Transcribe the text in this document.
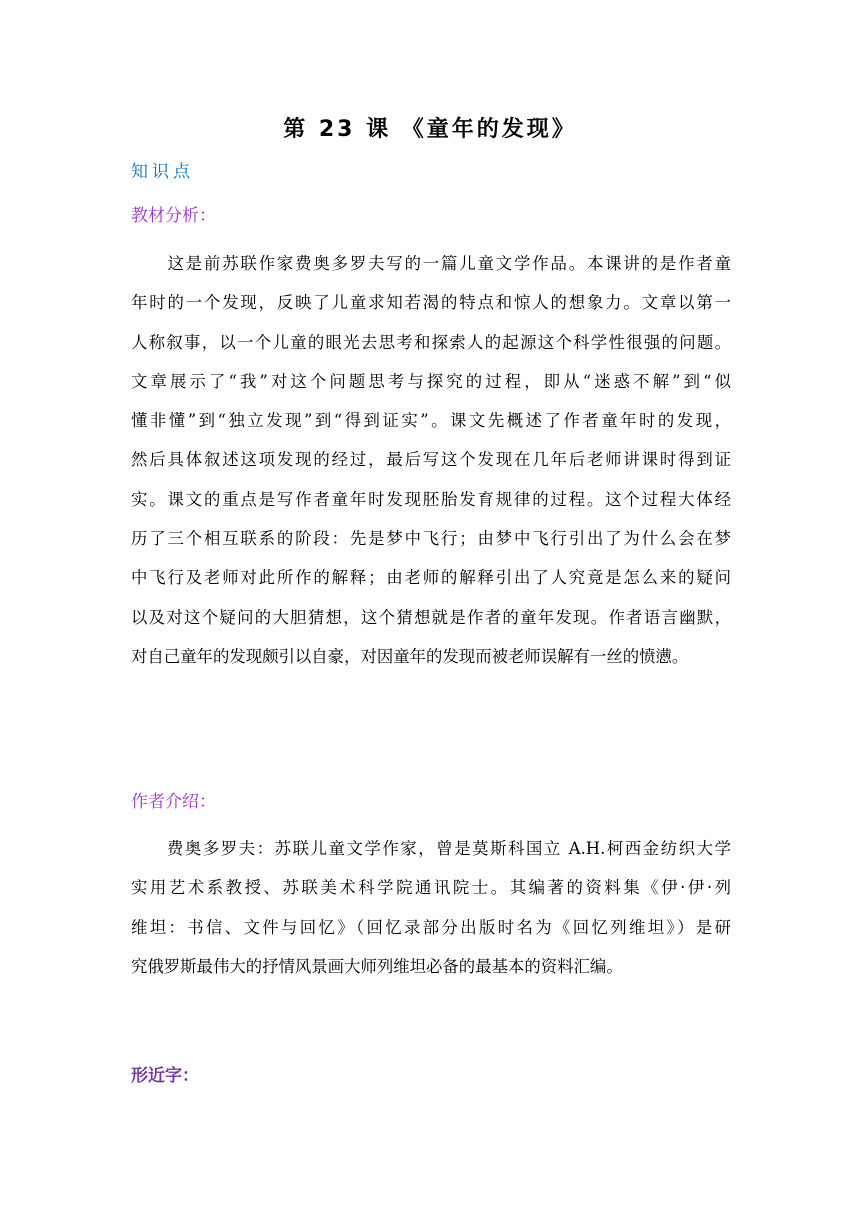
第 23 课 《童年的发现》
知识点
教材分析：
　　这是前苏联作家费奥多罗夫写的一篇儿童文学作品。本课讲的是作者童
年时的一个发现，反映了儿童求知若渴的特点和惊人的想象力。文章以第一
人称叙事，以一个儿童的眼光去思考和探索人的起源这个科学性很强的问题。
文章展示了“我”对这个问题思考与探究的过程，即从“迷惑不解”到“似
懂非懂”到“独立发现”到“得到证实”。课文先概述了作者童年时的发现，
然后具体叙述这项发现的经过，最后写这个发现在几年后老师讲课时得到证
实。课文的重点是写作者童年时发现胚胎发育规律的过程。这个过程大体经
历了三个相互联系的阶段：先是梦中飞行；由梦中飞行引出了为什么会在梦
中飞行及老师对此所作的解释；由老师的解释引出了人究竟是怎么来的疑问
以及对这个疑问的大胆猜想，这个猜想就是作者的童年发现。作者语言幽默，
对自己童年的发现颇引以自豪，对因童年的发现而被老师误解有一丝的愤懑。
作者介绍：
　　费奥多罗夫：苏联儿童文学作家，曾是莫斯科国立 A.H.柯西金纺织大学
实用艺术系教授、苏联美术科学院通讯院士。其编著的资料集《伊·伊·列
维坦：书信、文件与回忆》（回忆录部分出版时名为《回忆列维坦》）是研
究俄罗斯最伟大的抒情风景画大师列维坦必备的最基本的资料汇编。
形近字：
